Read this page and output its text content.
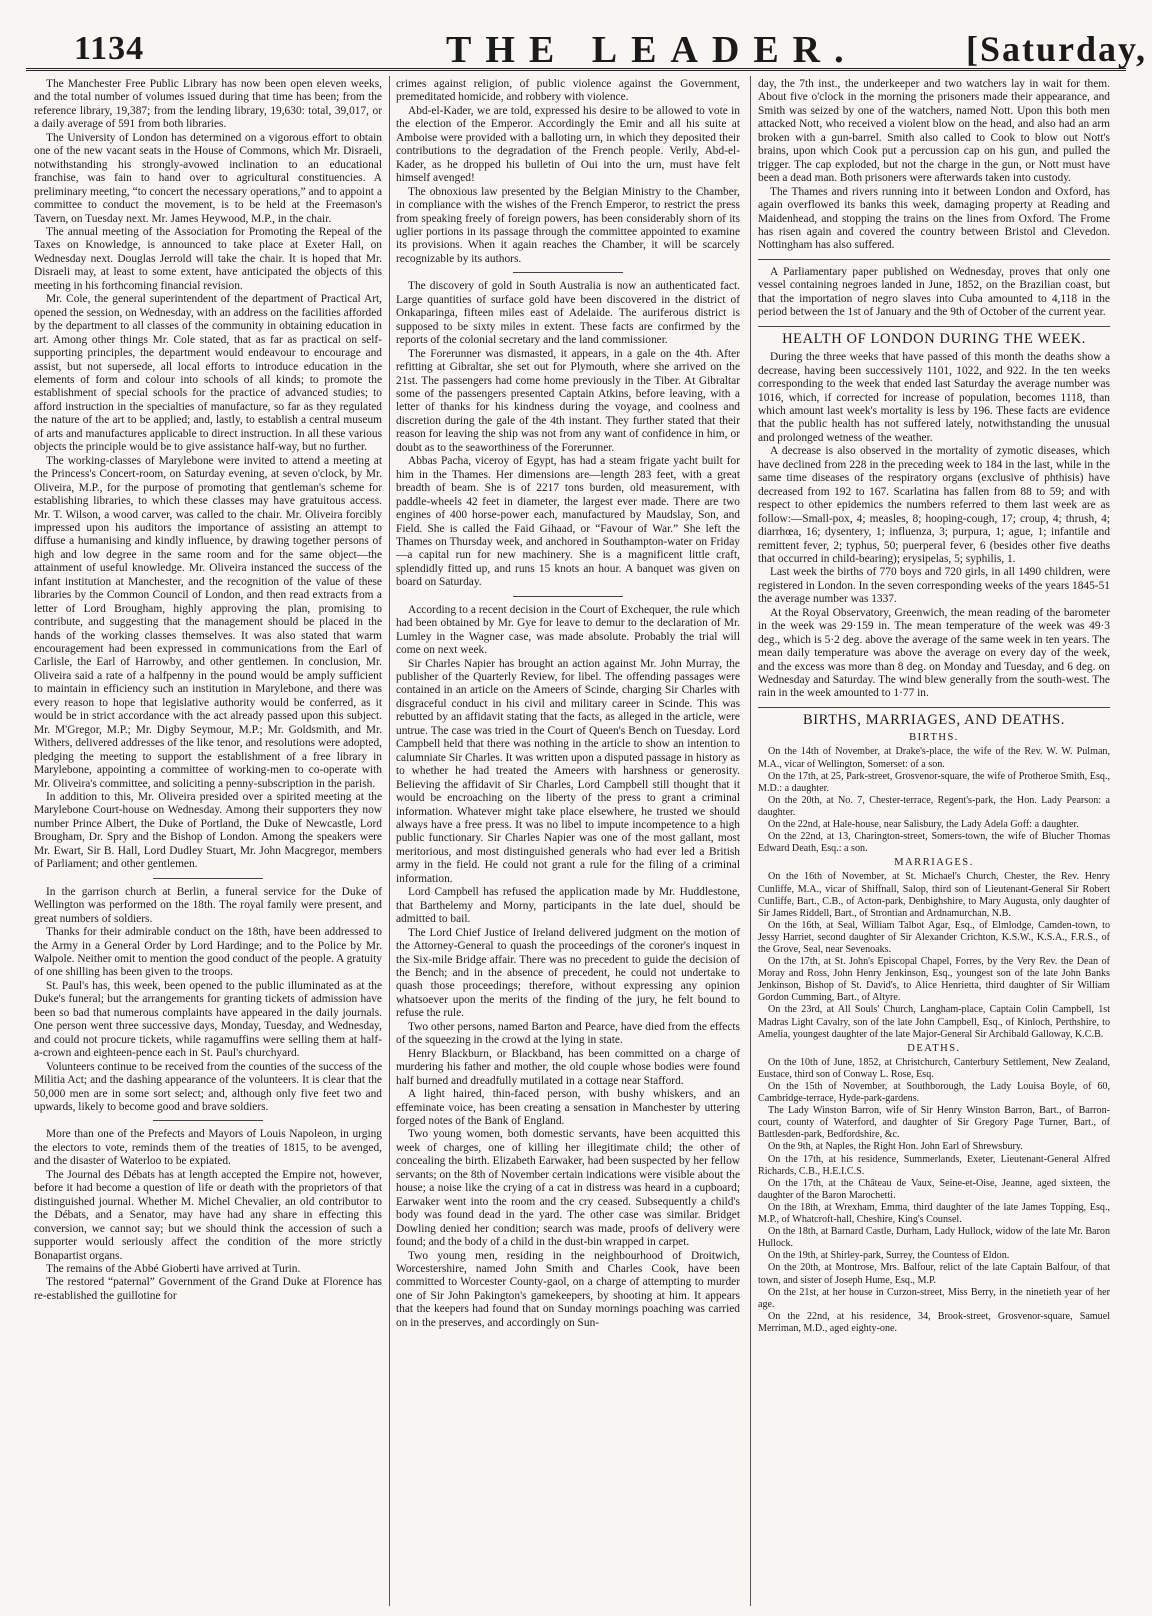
1134	THE LEADER.	[Saturday,

The Manchester Free Public Library has now been open eleven weeks, and the total number of volumes issued during that time has been; from the reference library, 19,387; from the lending library, 19,630: total, 39,017, or a daily average of 591 from both libraries.

The University of London has determined on a vigorous effort to obtain one of the new vacant seats in the House of Commons, which Mr. Disraeli, notwithstanding his strongly-avowed inclination to an educational franchise, was fain to hand over to agricultural constituencies. A preliminary meeting, “to concert the necessary operations,” and to appoint a committee to conduct the movement, is to be held at the Freemason's Tavern, on Tuesday next. Mr. James Heywood, M.P., in the chair.

The annual meeting of the Association for Promoting the Repeal of the Taxes on Knowledge, is announced to take place at Exeter Hall, on Wednesday next. Douglas Jerrold will take the chair. It is hoped that Mr. Disraeli may, at least to some extent, have anticipated the objects of this meeting in his forthcoming financial revision.

Mr. Cole, the general superintendent of the department of Practical Art, opened the session, on Wednesday, with an address on the facilities afforded by the department to all classes of the community in obtaining education in art. Among other things Mr. Cole stated, that as far as practical on self-supporting principles, the department would endeavour to encourage and assist, but not supersede, all local efforts to introduce education in the elements of form and colour into schools of all kinds; to promote the establishment of special schools for the practice of advanced studies; to afford instruction in the specialties of manufacture, so far as they regulated the nature of the art to be applied; and, lastly, to establish a central museum of arts and manufactures applicable to direct instruction. In all these various objects the principle would be to give assistance half-way, but no further.

The working-classes of Marylebone were invited to attend a meeting at the Princess's Concert-room, on Saturday evening, at seven o'clock, by Mr. Oliveira, M.P., for the purpose of promoting that gentleman's scheme for establishing libraries, to which these classes may have gratuitous access. Mr. T. Wilson, a wood carver, was called to the chair. Mr. Oliveira forcibly impressed upon his auditors the importance of assisting an attempt to diffuse a humanising and kindly influence, by drawing together persons of high and low degree in the same room and for the same object—the attainment of useful knowledge. Mr. Oliveira instanced the success of the infant institution at Manchester, and the recognition of the value of these libraries by the Common Council of London, and then read extracts from a letter of Lord Brougham, highly approving the plan, promising to contribute, and suggesting that the management should be placed in the hands of the working classes themselves. It was also stated that warm encouragement had been expressed in communications from the Earl of Carlisle, the Earl of Harrowby, and other gentlemen. In conclusion, Mr. Oliveira said a rate of a halfpenny in the pound would be amply sufficient to maintain in efficiency such an institution in Marylebone, and there was every reason to hope that legislative authority would be conferred, as it would be in strict accordance with the act already passed upon this subject. Mr. M'Gregor, M.P.; Mr. Digby Seymour, M.P.; Mr. Goldsmith, and Mr. Withers, delivered addresses of the like tenor, and resolutions were adopted, pledging the meeting to support the establishment of a free library in Marylebone, appointing a committee of working-men to co-operate with Mr. Oliveira's committee, and soliciting a penny-subscription in the parish.

In addition to this, Mr. Oliveira presided over a spirited meeting at the Marylebone Court-house on Wednesday. Among their supporters they now number Prince Albert, the Duke of Portland, the Duke of Newcastle, Lord Brougham, Dr. Spry and the Bishop of London. Among the speakers were Mr. Ewart, Sir B. Hall, Lord Dudley Stuart, Mr. John Macgregor, members of Parliament; and other gentlemen.

In the garrison church at Berlin, a funeral service for the Duke of Wellington was performed on the 18th. The royal family were present, and great numbers of soldiers.

Thanks for their admirable conduct on the 18th, have been addressed to the Army in a General Order by Lord Hardinge; and to the Police by Mr. Walpole. Neither omit to mention the good conduct of the people. A gratuity of one shilling has been given to the troops.

St. Paul's has, this week, been opened to the public illuminated as at the Duke's funeral; but the arrangements for granting tickets of admission have been so bad that numerous complaints have appeared in the daily journals. One person went three successive days, Monday, Tuesday, and Wednesday, and could not procure tickets, while ragamuffins were selling them at half-a-crown and eighteen-pence each in St. Paul's churchyard.

Volunteers continue to be received from the counties of the success of the Militia Act; and the dashing appearance of the volunteers. It is clear that the 50,000 men are in some sort select; and, although only five feet two and upwards, likely to become good and brave soldiers.

More than one of the Prefects and Mayors of Louis Napoleon, in urging the electors to vote, reminds them of the treaties of 1815, to be avenged, and the disaster of Waterloo to be expiated.

The Journal des Débats has at length accepted the Empire not, however, before it had become a question of life or death with the proprietors of that distinguished journal. Whether M. Michel Chevalier, an old contributor to the Débats, and a Senator, may have had any share in effecting this conversion, we cannot say; but we should think the accession of such a supporter would seriously affect the condition of the more strictly Bonapartist organs.

The remains of the Abbé Gioberti have arrived at Turin.

The restored “paternal” Government of the Grand Duke at Florence has re-established the guillotine for

crimes against religion, of public violence against the Government, premeditated homicide, and robbery with violence.

Abd-el-Kader, we are told, expressed his desire to be allowed to vote in the election of the Emperor. Accordingly the Emir and all his suite at Amboise were provided with a balloting urn, in which they deposited their contributions to the degradation of the French people. Verily, Abd-el-Kader, as he dropped his bulletin of Oui into the urn, must have felt himself avenged!

The obnoxious law presented by the Belgian Ministry to the Chamber, in compliance with the wishes of the French Emperor, to restrict the press from speaking freely of foreign powers, has been considerably shorn of its uglier portions in its passage through the committee appointed to examine its provisions. When it again reaches the Chamber, it will be scarcely recognizable by its authors.

The discovery of gold in South Australia is now an authenticated fact. Large quantities of surface gold have been discovered in the district of Onkaparinga, fifteen miles east of Adelaide. The auriferous district is supposed to be sixty miles in extent. These facts are confirmed by the reports of the colonial secretary and the land commissioner.

The Forerunner was dismasted, it appears, in a gale on the 4th. After refitting at Gibraltar, she set out for Plymouth, where she arrived on the 21st. The passengers had come home previously in the Tiber. At Gibraltar some of the passengers presented Captain Atkins, before leaving, with a letter of thanks for his kindness during the voyage, and coolness and discretion during the gale of the 4th instant. They further stated that their reason for leaving the ship was not from any want of confidence in him, or doubt as to the seaworthiness of the Forerunner.

Abbas Pacha, viceroy of Egypt, has had a steam frigate yacht built for him in the Thames. Her dimensions are—length 283 feet, with a great breadth of beam. She is of 2217 tons burden, old measurement, with paddle-wheels 42 feet in diameter, the largest ever made. There are two engines of 400 horse-power each, manufactured by Maudslay, Son, and Field. She is called the Faid Gihaad, or “Favour of War.” She left the Thames on Thursday week, and anchored in Southampton-water on Friday—a capital run for new machinery. She is a magnificent little craft, splendidly fitted up, and runs 15 knots an hour. A banquet was given on board on Saturday.

According to a recent decision in the Court of Exchequer, the rule which had been obtained by Mr. Gye for leave to demur to the declaration of Mr. Lumley in the Wagner case, was made absolute. Probably the trial will come on next week.

Sir Charles Napier has brought an action against Mr. John Murray, the publisher of the Quarterly Review, for libel. The offending passages were contained in an article on the Ameers of Scinde, charging Sir Charles with disgraceful conduct in his civil and military career in Scinde. This was rebutted by an affidavit stating that the facts, as alleged in the article, were untrue. The case was tried in the Court of Queen's Bench on Tuesday. Lord Campbell held that there was nothing in the article to show an intention to calumniate Sir Charles. It was written upon a disputed passage in history as to whether he had treated the Ameers with harshness or generosity. Believing the affidavit of Sir Charles, Lord Campbell still thought that it would be encroaching on the liberty of the press to grant a criminal information. Whatever might take place elsewhere, he trusted we should always have a free press. It was no libel to impute incompetence to a high public functionary. Sir Charles Napier was one of the most gallant, most meritorious, and most distinguished generals who had ever led a British army in the field. He could not grant a rule for the filing of a criminal information.

Lord Campbell has refused the application made by Mr. Huddlestone, that Barthelemy and Morny, participants in the late duel, should be admitted to bail.

The Lord Chief Justice of Ireland delivered judgment on the motion of the Attorney-General to quash the proceedings of the coroner's inquest in the Six-mile Bridge affair. There was no precedent to guide the decision of the Bench; and in the absence of precedent, he could not undertake to quash those proceedings; therefore, without expressing any opinion whatsoever upon the merits of the finding of the jury, he felt bound to refuse the rule.

Two other persons, named Barton and Pearce, have died from the effects of the squeezing in the crowd at the lying in state.

Henry Blackburn, or Blackband, has been committed on a charge of murdering his father and mother, the old couple whose bodies were found half burned and dreadfully mutilated in a cottage near Stafford.

A light haired, thin-faced person, with bushy whiskers, and an effeminate voice, has been creating a sensation in Manchester by uttering forged notes of the Bank of England.

Two young women, both domestic servants, have been acquitted this week of charges, one of killing her illegitimate child; the other of concealing the birth. Elizabeth Earwaker, had been suspected by her fellow servants; on the 8th of November certain indications were visible about the house; a noise like the crying of a cat in distress was heard in a cupboard; Earwaker went into the room and the cry ceased. Subsequently a child's body was found dead in the yard. The other case was similar. Bridget Dowling denied her condition; search was made, proofs of delivery were found; and the body of a child in the dust-bin wrapped in carpet.

Two young men, residing in the neighbourhood of Droitwich, Worcestershire, named John Smith and Charles Cook, have been committed to Worcester County-gaol, on a charge of attempting to murder one of Sir John Pakington's gamekeepers, by shooting at him. It appears that the keepers had found that on Sunday mornings poaching was carried on in the preserves, and accordingly on Sun-

day, the 7th inst., the underkeeper and two watchers lay in wait for them. About five o'clock in the morning the prisoners made their appearance, and Smith was seized by one of the watchers, named Nott. Upon this both men attacked Nott, who received a violent blow on the head, and also had an arm broken with a gun-barrel. Smith also called to Cook to blow out Nott's brains, upon which Cook put a percussion cap on his gun, and pulled the trigger. The cap exploded, but not the charge in the gun, or Nott must have been a dead man. Both prisoners were afterwards taken into custody.

The Thames and rivers running into it between London and Oxford, has again overflowed its banks this week, damaging property at Reading and Maidenhead, and stopping the trains on the lines from Oxford. The Frome has risen again and covered the country between Bristol and Clevedon. Nottingham has also suffered.

A Parliamentary paper published on Wednesday, proves that only one vessel containing negroes landed in June, 1852, on the Brazilian coast, but that the importation of negro slaves into Cuba amounted to 4,118 in the period between the 1st of January and the 9th of October of the current year.

HEALTH OF LONDON DURING THE WEEK.

During the three weeks that have passed of this month the deaths show a decrease, having been successively 1101, 1022, and 922. In the ten weeks corresponding to the week that ended last Saturday the average number was 1016, which, if corrected for increase of population, becomes 1118, than which amount last week's mortality is less by 196. These facts are evidence that the public health has not suffered lately, notwithstanding the unusual and prolonged wetness of the weather.

A decrease is also observed in the mortality of zymotic diseases, which have declined from 228 in the preceding week to 184 in the last, while in the same time diseases of the respiratory organs (exclusive of phthisis) have decreased from 192 to 167. Scarlatina has fallen from 88 to 59; and with respect to other epidemics the numbers referred to them last week are as follow:—Small-pox, 4; measles, 8; hooping-cough, 17; croup, 4; thrush, 4; diarrhœa, 16; dysentery, 1; influenza, 3; purpura, 1; ague, 1; infantile and remittent fever, 2; typhus, 50; puerperal fever, 6 (besides other five deaths that occurred in child-bearing); erysipelas, 5; syphilis, 1.

Last week the births of 770 boys and 720 girls, in all 1490 children, were registered in London. In the seven corresponding weeks of the years 1845-51 the average number was 1337.

At the Royal Observatory, Greenwich, the mean reading of the barometer in the week was 29·159 in. The mean temperature of the week was 49·3 deg., which is 5·2 deg. above the average of the same week in ten years. The mean daily temperature was above the average on every day of the week, and the excess was more than 8 deg. on Monday and Tuesday, and 6 deg. on Wednesday and Saturday. The wind blew generally from the south-west. The rain in the week amounted to 1·77 in.

BIRTHS, MARRIAGES, AND DEATHS.
BIRTHS.

On the 14th of November, at Drake's-place, the wife of the Rev. W. W. Pulman, M.A., vicar of Wellington, Somerset: of a son.

On the 17th, at 25, Park-street, Grosvenor-square, the wife of Protheroe Smith, Esq., M.D.: a daughter.

On the 20th, at No. 7, Chester-terrace, Regent's-park, the Hon. Lady Pearson: a daughter.

On the 22nd, at Hale-house, near Salisbury, the Lady Adela Goff: a daughter.

On the 22nd, at 13, Charington-street, Somers-town, the wife of Blucher Thomas Edward Death, Esq.: a son.

MARRIAGES.

On the 16th of November, at St. Michael's Church, Chester, the Rev. Henry Cunliffe, M.A., vicar of Shiffnall, Salop, third son of Lieutenant-General Sir Robert Cunliffe, Bart., C.B., of Acton-park, Denbighshire, to Mary Augusta, only daughter of Sir James Riddell, Bart., of Strontian and Ardnamurchan, N.B.

On the 16th, at Seal, William Talbot Agar, Esq., of Elmlodge, Camden-town, to Jessy Harriet, second daughter of Sir Alexander Crichton, K.S.W., K.S.A., F.R.S., of the Grove, Seal, near Sevenoaks.

On the 17th, at St. John's Episcopal Chapel, Forres, by the Very Rev. the Dean of Moray and Ross, John Henry Jenkinson, Esq., youngest son of the late John Banks Jenkinson, Bishop of St. David's, to Alice Henrietta, third daughter of Sir William Gordon Cumming, Bart., of Altyre.

On the 23rd, at All Souls' Church, Langham-place, Captain Colin Campbell, 1st Madras Light Cavalry, son of the late John Campbell, Esq., of Kinloch, Perthshire, to Amelia, youngest daughter of the late Major-General Sir Archibald Galloway, K.C.B.

DEATHS.

On the 10th of June, 1852, at Christchurch, Canterbury Settlement, New Zealand, Eustace, third son of Conway L. Rose, Esq.

On the 15th of November, at Southborough, the Lady Louisa Boyle, of 60, Cambridge-terrace, Hyde-park-gardens.

The Lady Winston Barron, wife of Sir Henry Winston Barron, Bart., of Barron-court, county of Waterford, and daughter of Sir Gregory Page Turner, Bart., of Battlesden-park, Bedfordshire, &c.

On the 9th, at Naples, the Right Hon. John Earl of Shrewsbury.

On the 17th, at his residence, Summerlands, Exeter, Lieutenant-General Alfred Richards, C.B., H.E.I.C.S.

On the 17th, at the Château de Vaux, Seine-et-Oise, Jeanne, aged sixteen, the daughter of the Baron Marochetti.

On the 18th, at Wrexham, Emma, third daughter of the late James Topping, Esq., M.P., of Whatcroft-hall, Cheshire, King's Counsel.

On the 18th, at Barnard Castle, Durham, Lady Hullock, widow of the late Mr. Baron Hullock.

On the 19th, at Shirley-park, Surrey, the Countess of Eldon.

On the 20th, at Montrose, Mrs. Balfour, relict of the late Captain Balfour, of that town, and sister of Joseph Hume, Esq., M.P.

On the 21st, at her house in Curzon-street, Miss Berry, in the ninetieth year of her age.

On the 22nd, at his residence, 34, Brook-street, Grosvenor-square, Samuel Merriman, M.D., aged eighty-one.
